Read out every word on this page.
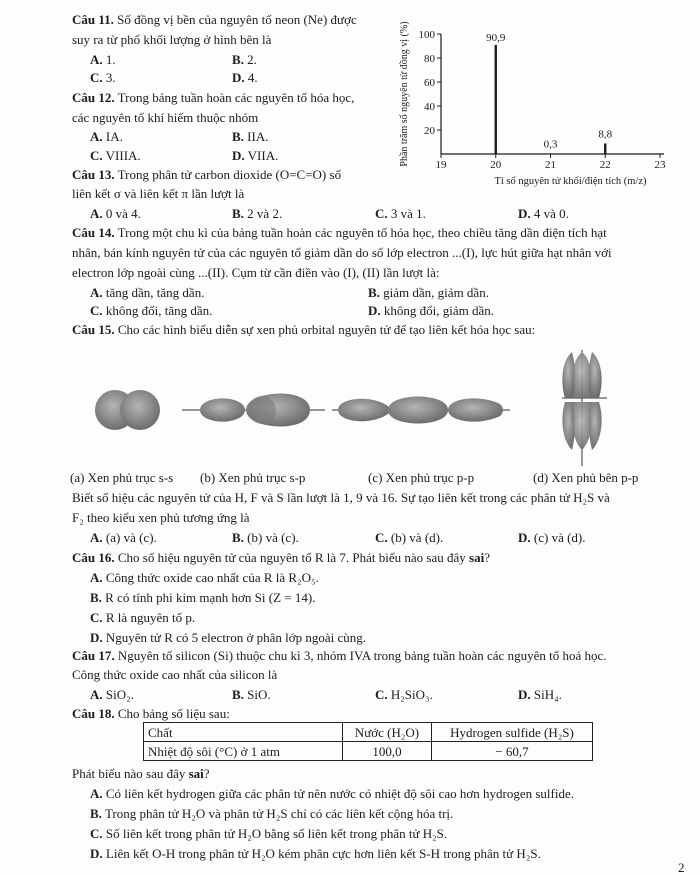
Câu 11. Số đồng vị bền của nguyên tố neon (Ne) được
suy ra từ phổ khối lượng ở hình bên là
A. 1.	B. 2.
C. 3.	D. 4.
Câu 12. Trong bảng tuần hoàn các nguyên tố hóa học,
các nguyên tố khí hiếm thuộc nhóm
A. IA.	B. IIA.
C. VIIIA.	D. VIIA.
Câu 13. Trong phân tử carbon dioxide (O=C=O) số
liên kết σ và liên kết π lần lượt là
A. 0 và 4.	B. 2 và 2.	C. 3 và 1.	D. 4 và 0.
20
40
60
80
100
19	20	21	22	23
90,9
0,3
8,8
Tỉ số nguyên tử khối/điện tích (m/z)
Phần trăm số nguyên tử đồng vị (%)
Câu 14. Trong một chu kì của bảng tuần hoàn các nguyên tố hóa học, theo chiều tăng dần điện tích hạt
nhân, bán kính nguyên tử của các nguyên tố giảm dần do số lớp electron ...(I), lực hút giữa hạt nhân với
electron lớp ngoài cùng ...(II). Cụm từ cần điền vào (I), (II) lần lượt là:
A. tăng dần, tăng dần.	B. giảm dần, giảm dần.
C. không đổi, tăng dần.	D. không đổi, giảm dần.
Câu 15. Cho các hình biểu diễn sự xen phủ orbital nguyên tử để tạo liên kết hóa học sau:
(a) Xen phủ trục s-s (b) Xen phủ trục s-p	(c) Xen phủ trục p-p	(d) Xen phủ bên p-p
Biết số hiệu các nguyên tử của H, F và S lần lượt là 1, 9 và 16. Sự tạo liên kết trong các phân tử H₂S và
F₂ theo kiểu xen phủ tương ứng là
A. (a) và (c).	B. (b) và (c).	C. (b) và (d).	D. (c) và (d).
Câu 16. Cho số hiệu nguyên tử của nguyên tố R là 7. Phát biểu nào sau đây sai?
A. Công thức oxide cao nhất của R là R₂O₅.
B. R có tính phi kim mạnh hơn Si (Z = 14).
C. R là nguyên tố p.
D. Nguyên tử R có 5 electron ở phân lớp ngoài cùng.
Câu 17. Nguyên tố silicon (Si) thuộc chu kì 3, nhóm IVA trong bảng tuần hoàn các nguyên tố hoá học.
Công thức oxide cao nhất của silicon là
A. SiO₂.	B. SiO.	C. H₂SiO₃.	D. SiH₄.
Câu 18. Cho bảng số liệu sau:
Chất	Nước (H₂O)	Hydrogen sulfide (H₂S)
Nhiệt độ sôi (°C) ở 1 atm	100,0	− 60,7
Phát biểu nào sau đây sai?
A. Có liên kết hydrogen giữa các phân tử nên nước có nhiệt độ sôi cao hơn hydrogen sulfide.
B. Trong phân tử H₂O và phân tử H₂S chỉ có các liên kết cộng hóa trị.
C. Số liên kết trong phân tử H₂O bằng số liên kết trong phân tử H₂S.
D. Liên kết O-H trong phân tử H₂O kém phân cực hơn liên kết S-H trong phân tử H₂S.
2
